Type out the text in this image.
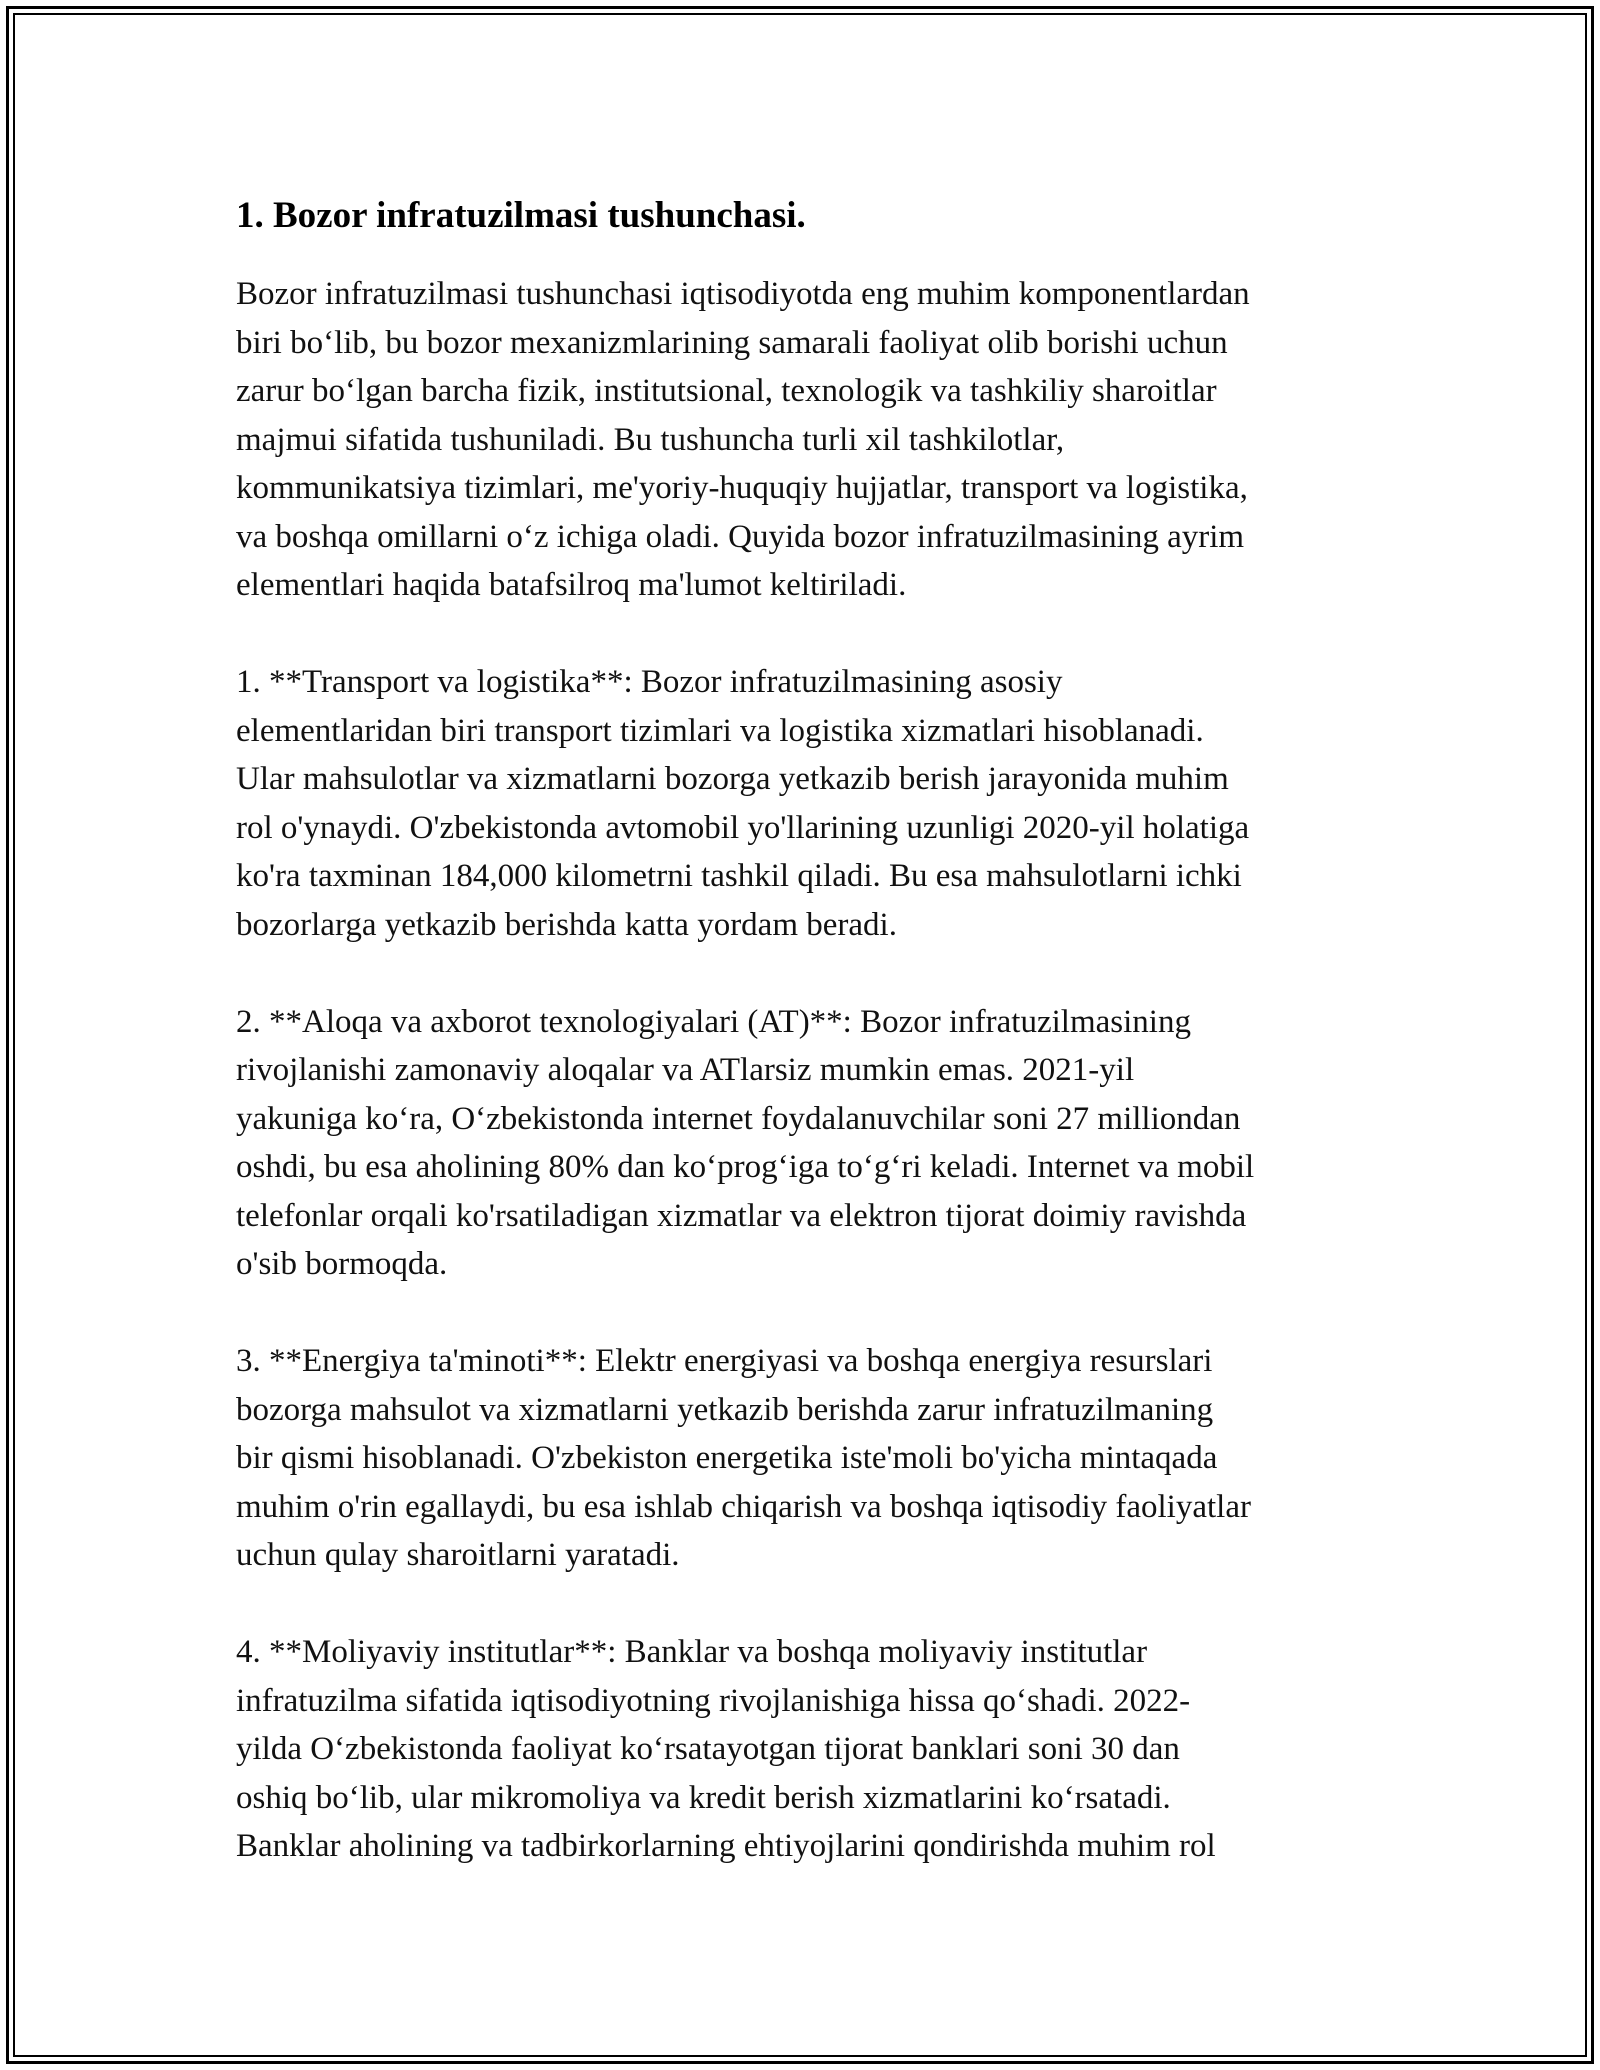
1. Bozor infratuzilmasi tushunchasi.

Bozor infratuzilmasi tushunchasi iqtisodiyotda eng muhim komponentlardan
biri bo‘lib, bu bozor mexanizmlarining samarali faoliyat olib borishi uchun
zarur bo‘lgan barcha fizik, institutsional, texnologik va tashkiliy sharoitlar
majmui sifatida tushuniladi. Bu tushuncha turli xil tashkilotlar,
kommunikatsiya tizimlari, me'yoriy-huquqiy hujjatlar, transport va logistika,
va boshqa omillarni o‘z ichiga oladi. Quyida bozor infratuzilmasining ayrim
elementlari haqida batafsilroq ma'lumot keltiriladi.

1. **Transport va logistika**: Bozor infratuzilmasining asosiy
elementlaridan biri transport tizimlari va logistika xizmatlari hisoblanadi.
Ular mahsulotlar va xizmatlarni bozorga yetkazib berish jarayonida muhim
rol o'ynaydi. O'zbekistonda avtomobil yo'llarining uzunligi 2020-yil holatiga
ko'ra taxminan 184,000 kilometrni tashkil qiladi. Bu esa mahsulotlarni ichki
bozorlarga yetkazib berishda katta yordam beradi.

2. **Aloqa va axborot texnologiyalari (AT)**: Bozor infratuzilmasining
rivojlanishi zamonaviy aloqalar va ATlarsiz mumkin emas. 2021-yil
yakuniga ko‘ra, O‘zbekistonda internet foydalanuvchilar soni 27 milliondan
oshdi, bu esa aholining 80% dan ko‘prog‘iga to‘g‘ri keladi. Internet va mobil
telefonlar orqali ko'rsatiladigan xizmatlar va elektron tijorat doimiy ravishda
o'sib bormoqda.

3. **Energiya ta'minoti**: Elektr energiyasi va boshqa energiya resurslari
bozorga mahsulot va xizmatlarni yetkazib berishda zarur infratuzilmaning
bir qismi hisoblanadi. O'zbekiston energetika iste'moli bo'yicha mintaqada
muhim o'rin egallaydi, bu esa ishlab chiqarish va boshqa iqtisodiy faoliyatlar
uchun qulay sharoitlarni yaratadi.

4. **Moliyaviy institutlar**: Banklar va boshqa moliyaviy institutlar
infratuzilma sifatida iqtisodiyotning rivojlanishiga hissa qo‘shadi. 2022-
yilda O‘zbekistonda faoliyat ko‘rsatayotgan tijorat banklari soni 30 dan
oshiq bo‘lib, ular mikromoliya va kredit berish xizmatlarini ko‘rsatadi.
Banklar aholining va tadbirkorlarning ehtiyojlarini qondirishda muhim rol
